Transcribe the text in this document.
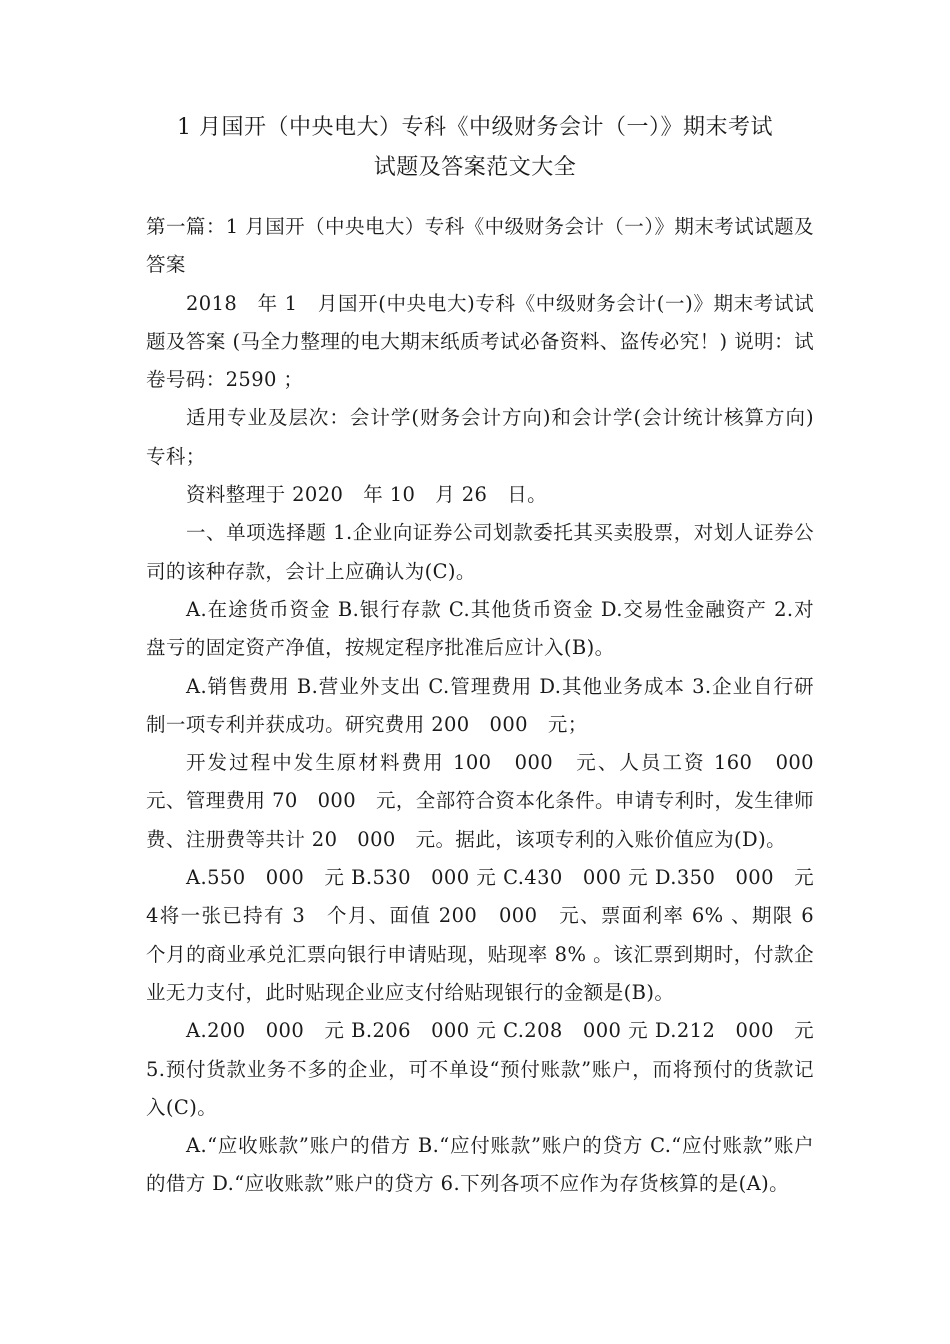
1 月国开（中央电大）专科《中级财务会计（一）》期末考试
试题及答案范文大全

第一篇：1 月国开（中央电大）专科《中级财务会计（一）》期末考试试题及答案

2018　年 1　月国开(中央电大)专科《中级财务会计(一)》期末考试试题及答案 (马全力整理的电大期末纸质考试必备资料、盗传必究！) 说明：试卷号码：2590 ；

适用专业及层次：会计学(财务会计方向)和会计学(会计统计核算方向)专科；

资料整理于 2020　年 10　月 26　日。

一、单项选择题 1.企业向证券公司划款委托其买卖股票，对划人证券公司的该种存款，会计上应确认为(C)。

A.在途货币资金 B.银行存款 C.其他货币资金 D.交易性金融资产 2.对盘亏的固定资产净值，按规定程序批准后应计入(B)。

A.销售费用 B.营业外支出 C.管理费用 D.其他业务成本 3.企业自行研制一项专利并获成功。研究费用 200　000　元；

开发过程中发生原材料费用 100　000　元、人员工资 160　000　元、管理费用 70　000　元，全部符合资本化条件。申请专利时，发生律师费、注册费等共计 20　000　元。据此，该项专利的入账价值应为(D)。

A.550　000　元 B.530　000 元 C.430　000 元 D.350　000　元 4将一张已持有 3　个月、面值 200　000　元、票面利率 6% 、期限 6　个月的商业承兑汇票向银行申请贴现，贴现率 8% 。该汇票到期时，付款企业无力支付，此时贴现企业应支付给贴现银行的金额是(B)。

A.200　000　元 B.206　000 元 C.208　000 元 D.212　000　元 5.预付货款业务不多的企业，可不单设“预付账款”账户，而将预付的货款记入(C)。

A.“应收账款”账户的借方 B.“应付账款”账户的贷方 C.“应付账款”账户的借方 D.“应收账款”账户的贷方 6.下列各项不应作为存货核算的是(A)。
